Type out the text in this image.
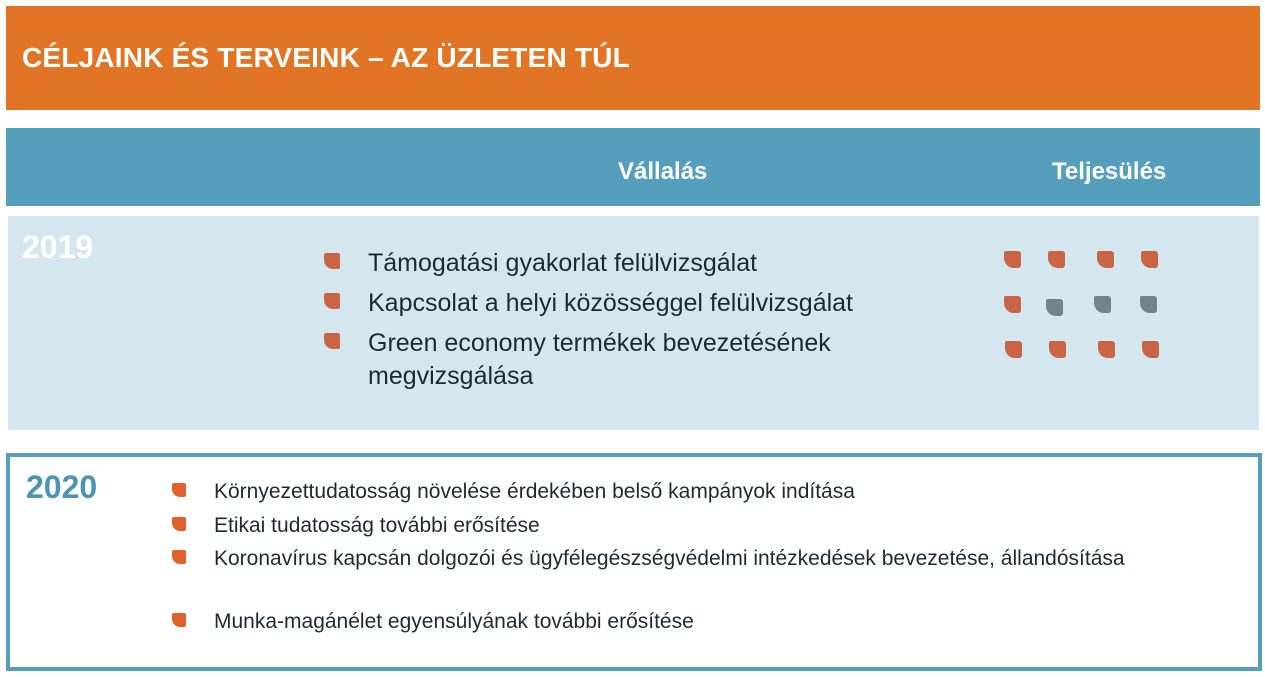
CÉLJAINK ÉS TERVEINK – AZ ÜZLETEN TÚL
Vállalás	Teljesülés
2019	Támogatási gyakorlat felülvizsgálat
Kapcsolat a helyi közösséggel felülvizsgálat
Green economy termékek bevezetésének megvizsgálása
2020	Környezettudatosság növelése érdekében belső kampányok indítása
Etikai tudatosság további erősítése
Koronavírus kapcsán dolgozói és ügyfélegészségvédelmi intézkedések bevezetése, állandósítása
Munka-magánélet egyensúlyának további erősítése
